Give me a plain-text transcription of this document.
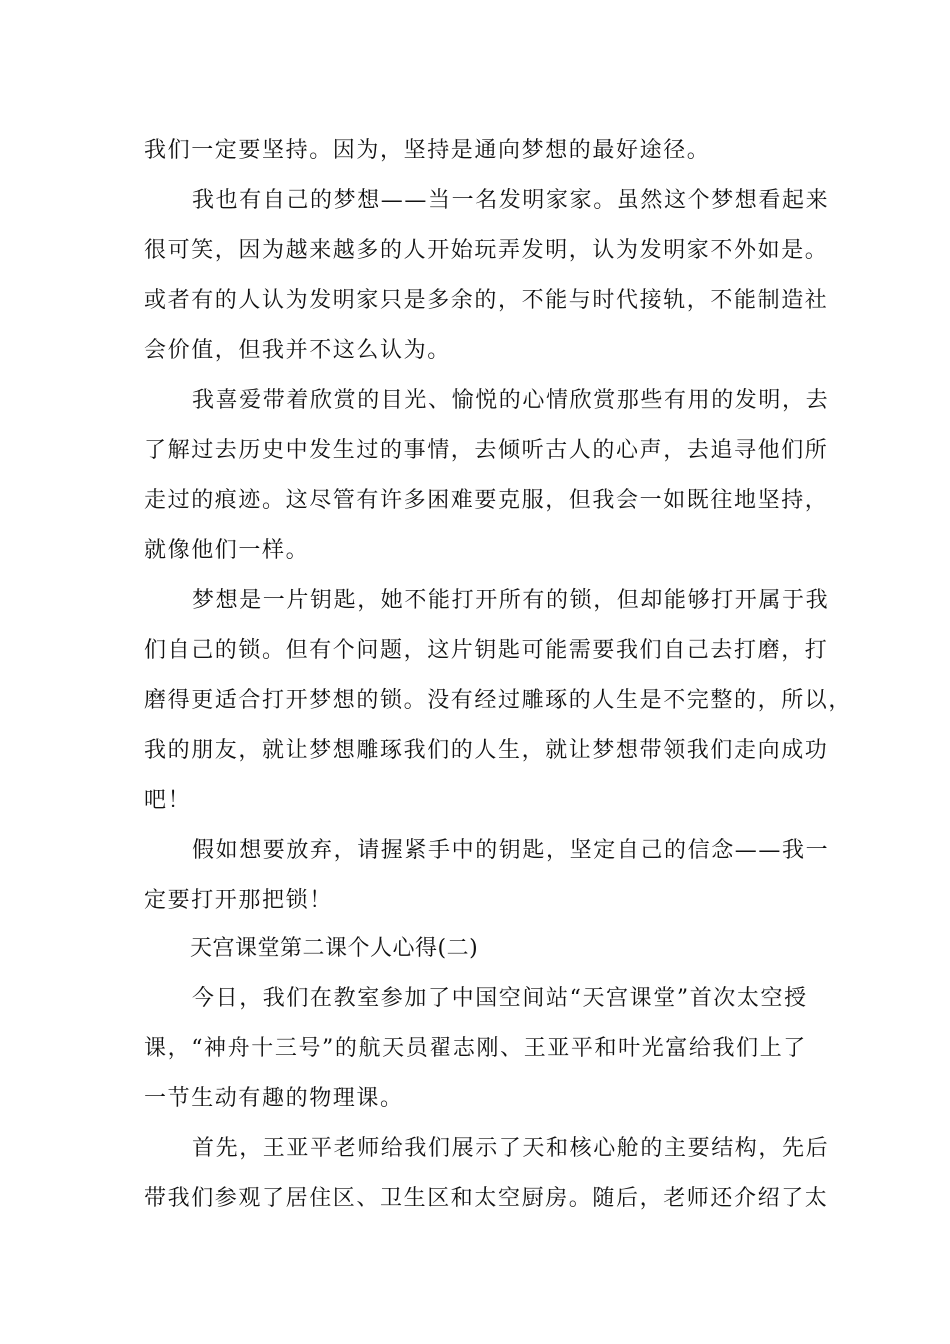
我们一定要坚持。因为，坚持是通向梦想的最好途径。

我也有自己的梦想——当一名发明家家。虽然这个梦想看起来

很可笑，因为越来越多的人开始玩弄发明，认为发明家不外如是。

或者有的人认为发明家只是多余的，不能与时代接轨，不能制造社

会价值，但我并不这么认为。

我喜爱带着欣赏的目光、愉悦的心情欣赏那些有用的发明，去

了解过去历史中发生过的事情，去倾听古人的心声，去追寻他们所

走过的痕迹。这尽管有许多困难要克服，但我会一如既往地坚持，

就像他们一样。

梦想是一片钥匙，她不能打开所有的锁，但却能够打开属于我

们自己的锁。但有个问题，这片钥匙可能需要我们自己去打磨，打

磨得更适合打开梦想的锁。没有经过雕琢的人生是不完整的，所以，

我的朋友，就让梦想雕琢我们的人生，就让梦想带领我们走向成功

吧！

假如想要放弃，请握紧手中的钥匙，坚定自己的信念——我一

定要打开那把锁！

天宫课堂第二课个人心得(二)

今日，我们在教室参加了中国空间站“天宫课堂”首次太空授

课，“神舟十三号”的航天员翟志刚、王亚平和叶光富给我们上了

一节生动有趣的物理课。

首先，王亚平老师给我们展示了天和核心舱的主要结构，先后

带我们参观了居住区、卫生区和太空厨房。随后，老师还介绍了太
